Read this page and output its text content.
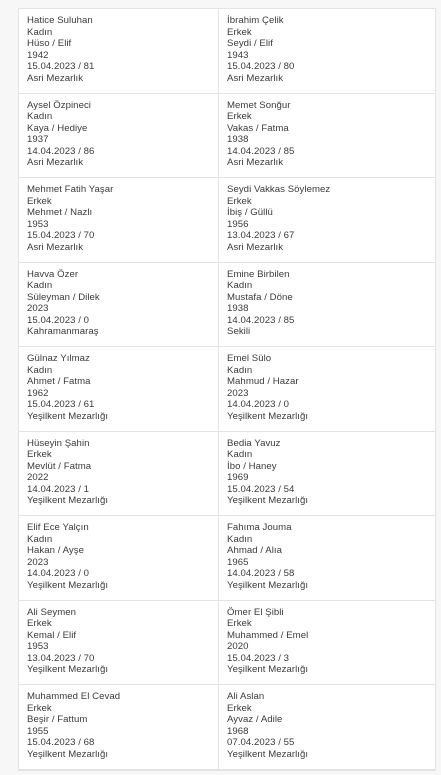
Hatice Suluhan
Kadın
Hüso / Elif
1942
15.04.2023 / 81
Asri Mezarlık
İbrahim Çelik
Erkek
Seydi / Elif
1943
15.04.2023 / 80
Asri Mezarlık
Aysel Özpineci
Kadın
Kaya / Hediye
1937
14.04.2023 / 86
Asri Mezarlık
Memet Sonğur
Erkek
Vakas / Fatma
1938
14.04.2023 / 85
Asri Mezarlık
Mehmet Fatih Yaşar
Erkek
Mehmet / Nazlı
1953
15.04.2023 / 70
Asri Mezarlık
Seydi Vakkas Söylemez
Erkek
İbiş / Güllü
1956
13.04.2023 / 67
Asri Mezarlık
Havva Özer
Kadın
Süleyman / Dilek
2023
15.04.2023 / 0
Kahramanmaraş
Emine Birbilen
Kadın
Mustafa / Döne
1938
14.04.2023 / 85
Sekili
Gülnaz Yılmaz
Kadın
Ahmet / Fatma
1962
15.04.2023 / 61
Yeşilkent Mezarlığı
Emel Sülo
Kadın
Mahmud / Hazar
2023
14.04.2023 / 0
Yeşilkent Mezarlığı
Hüseyin Şahin
Erkek
Mevlüt / Fatma
2022
14.04.2023 / 1
Yeşilkent Mezarlığı
Bedia Yavuz
Kadın
İbo / Haney
1969
15.04.2023 / 54
Yeşilkent Mezarlığı
Elif Ece Yalçın
Kadın
Hakan / Ayşe
2023
14.04.2023 / 0
Yeşilkent Mezarlığı
Fahıma Jouma
Kadın
Ahmad / Alıa
1965
14.04.2023 / 58
Yeşilkent Mezarlığı
Ali Seymen
Erkek
Kemal / Elif
1953
13.04.2023 / 70
Yeşilkent Mezarlığı
Ömer El Şibli
Erkek
Muhammed / Emel
2020
15.04.2023 / 3
Yeşilkent Mezarlığı
Muhammed El Cevad
Erkek
Beşir / Fattum
1955
15.04.2023 / 68
Yeşilkent Mezarlığı
Ali Aslan
Erkek
Ayvaz / Adile
1968
07.04.2023 / 55
Yeşilkent Mezarlığı
